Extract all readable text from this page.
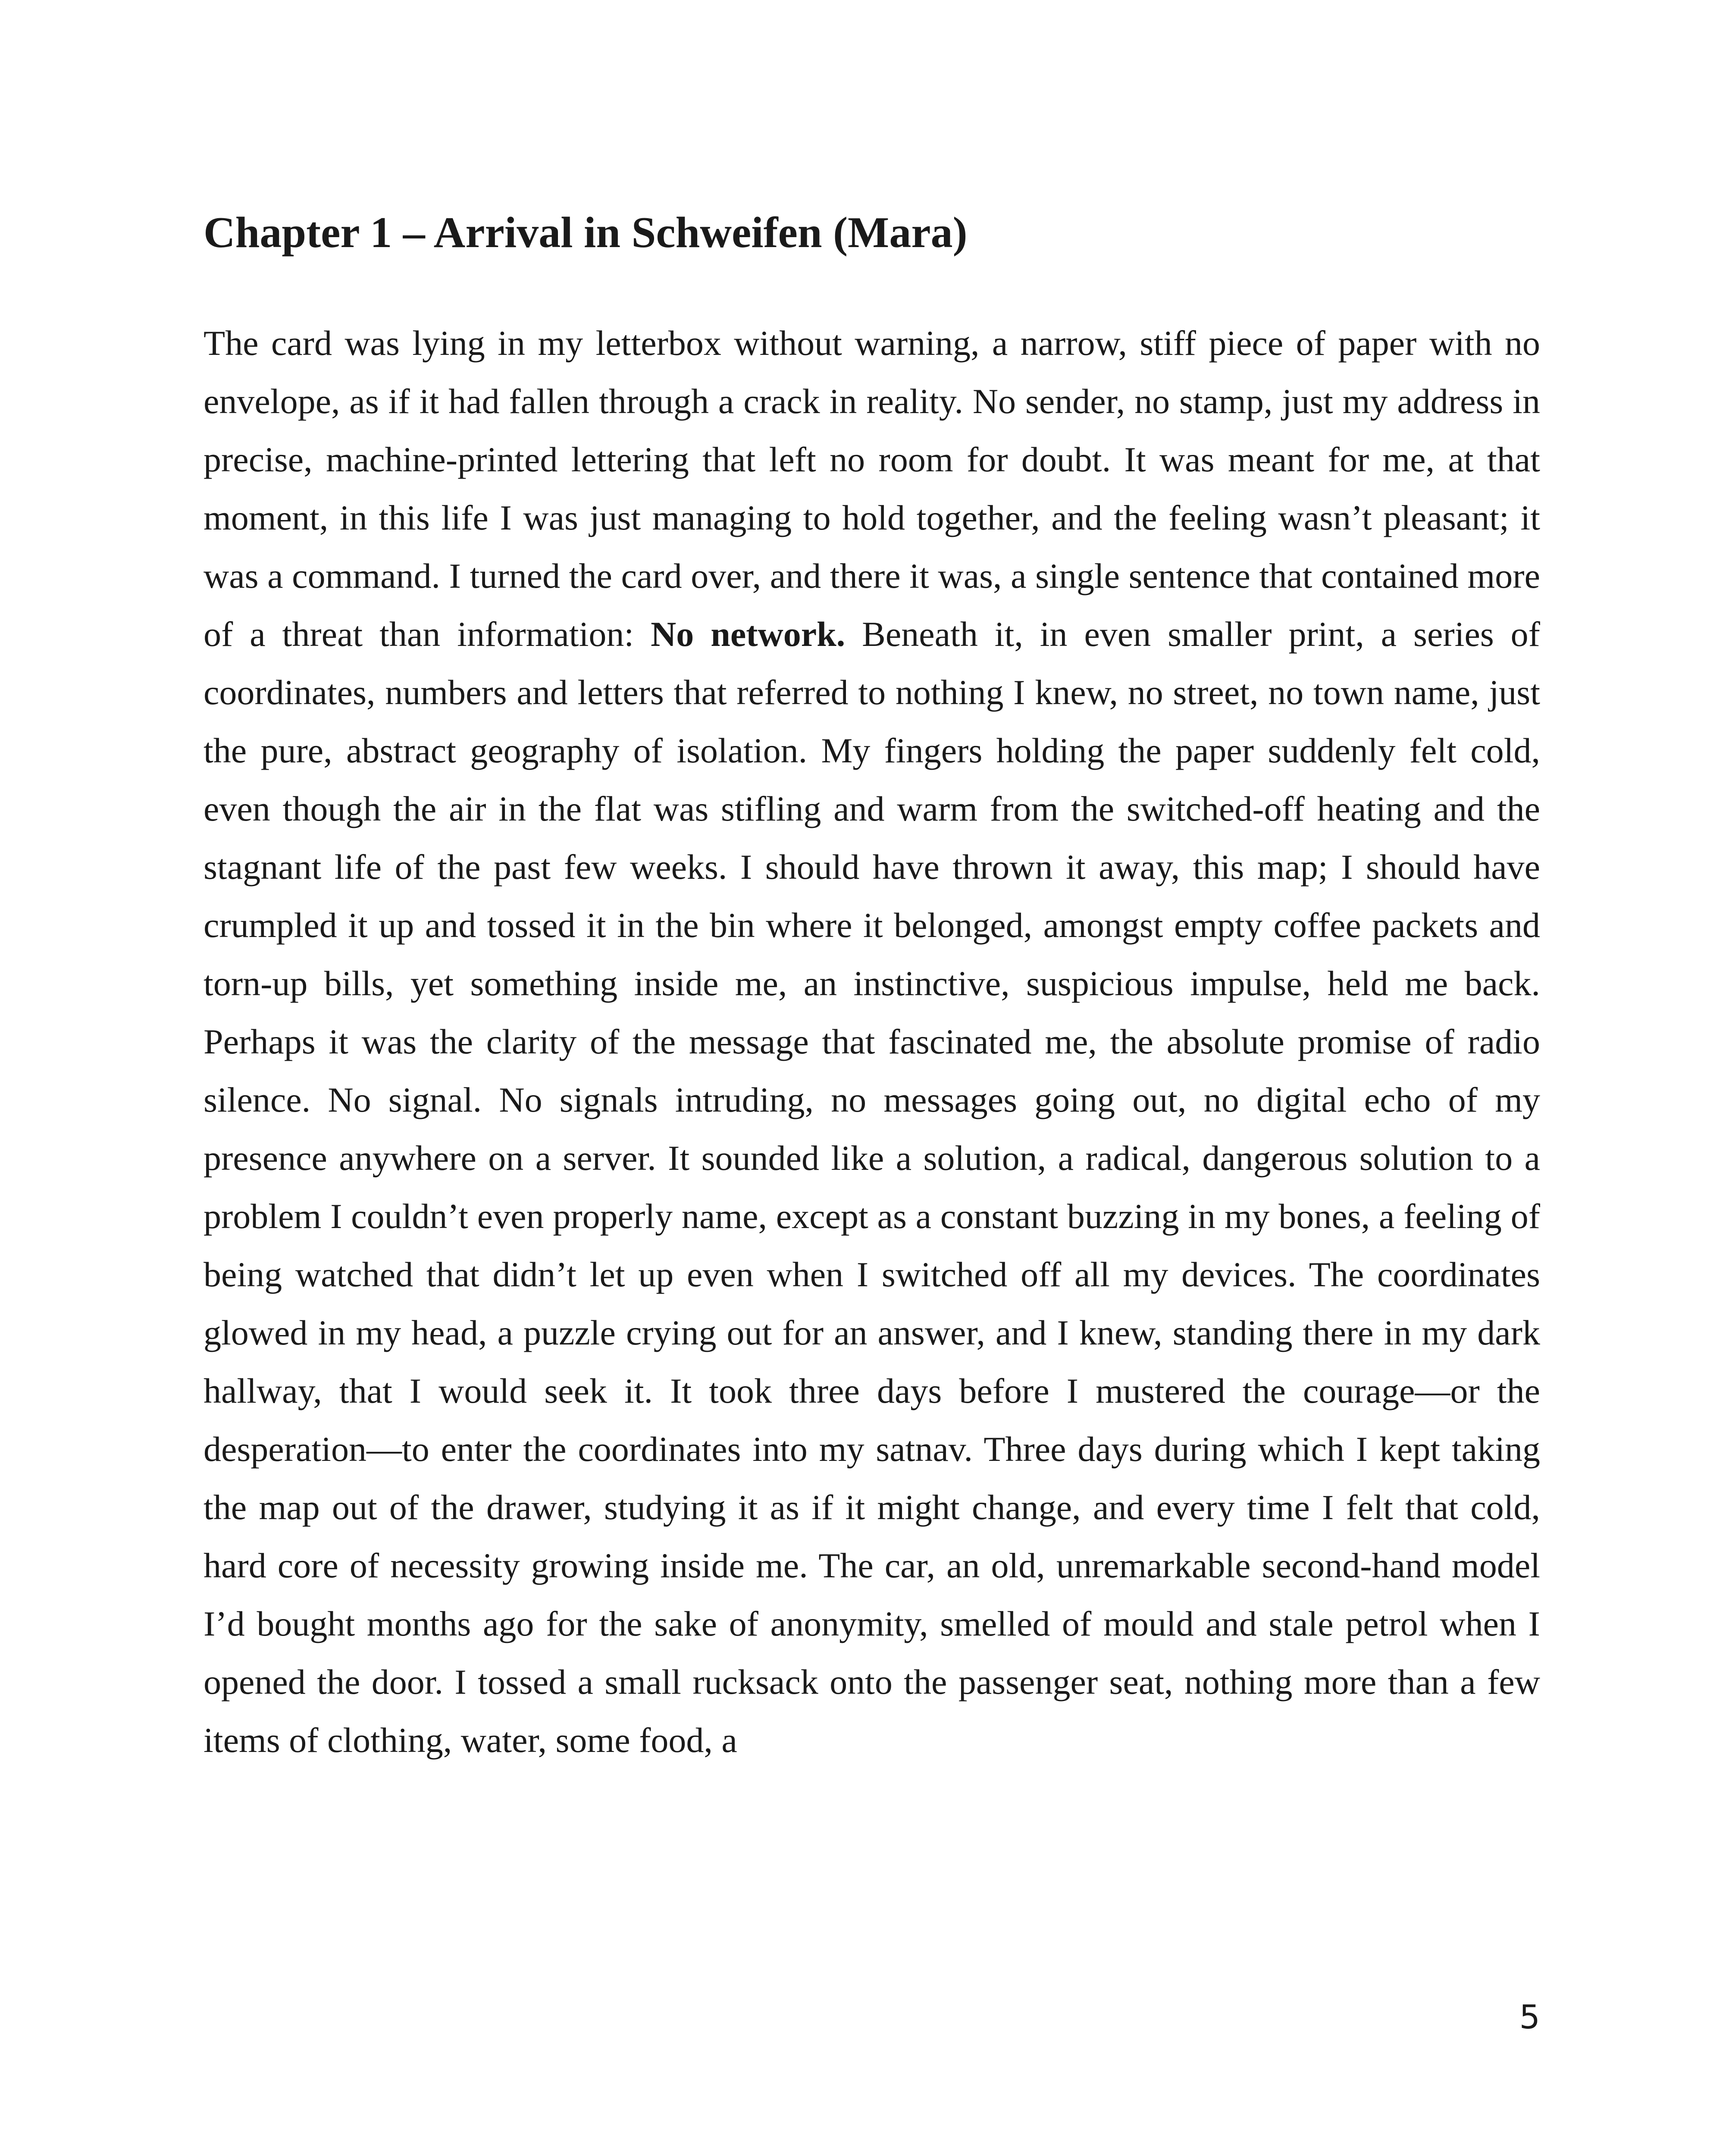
Chapter 1 – Arrival in Schweifen (Mara)

The card was lying in my letterbox without warning, a narrow, stiff piece of paper with no envelope, as if it had fallen through a crack in reality. No sender, no stamp, just my address in precise, machine-printed lettering that left no room for doubt. It was meant for me, at that moment, in this life I was just managing to hold together, and the feeling wasn’t pleasant; it was a command. I turned the card over, and there it was, a single sentence that contained more of a threat than information: No network. Beneath it, in even smaller print, a series of coordinates, numbers and letters that referred to nothing I knew, no street, no town name, just the pure, abstract geography of isolation. My fingers holding the paper suddenly felt cold, even though the air in the flat was stifling and warm from the switched-off heating and the stagnant life of the past few weeks. I should have thrown it away, this map; I should have crumpled it up and tossed it in the bin where it belonged, amongst empty coffee packets and torn-up bills, yet something inside me, an instinctive, suspicious impulse, held me back. Perhaps it was the clarity of the message that fascinated me, the absolute promise of radio silence. No signal. No signals intruding, no messages going out, no digital echo of my presence anywhere on a server. It sounded like a solution, a radical, dangerous solution to a problem I couldn’t even properly name, except as a constant buzzing in my bones, a feeling of being watched that didn’t let up even when I switched off all my devices. The coordinates glowed in my head, a puzzle crying out for an answer, and I knew, standing there in my dark hallway, that I would seek it. It took three days before I mustered the courage—or the desperation—to enter the coordinates into my satnav. Three days during which I kept taking the map out of the drawer, studying it as if it might change, and every time I felt that cold, hard core of necessity growing inside me. The car, an old, unremarkable second-hand model I’d bought months ago for the sake of anonymity, smelled of mould and stale petrol when I opened the door. I tossed a small rucksack onto the passenger seat, nothing more than a few items of clothing, water, some food, a

5
